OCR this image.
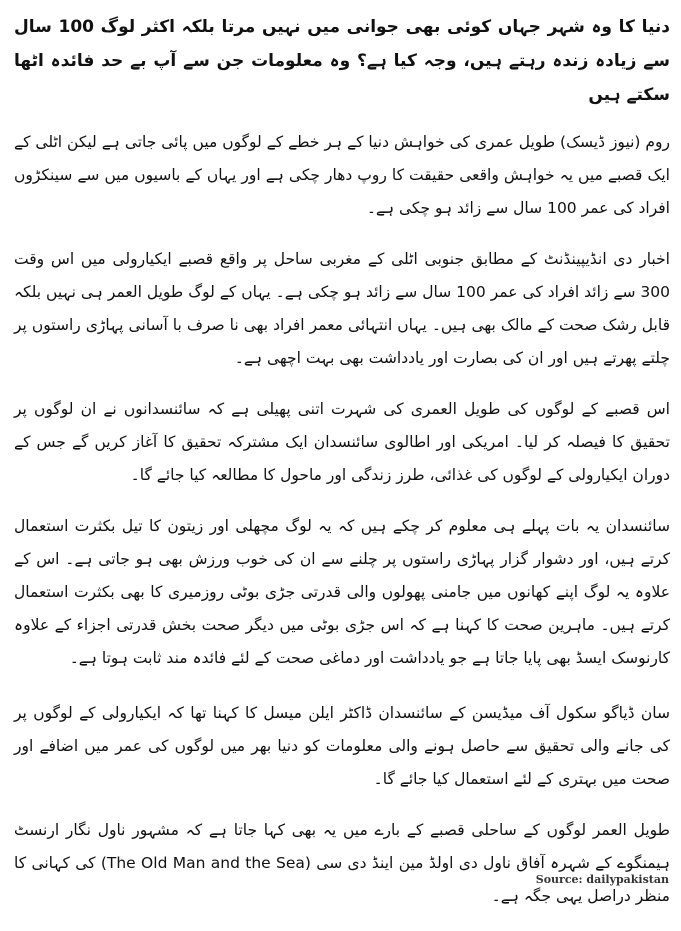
دنیا کا وہ شہر جہاں کوئی بھی جوانی میں نہیں مرتا بلکہ اکثر لوگ 100 سال سے زیادہ زندہ رہتے ہیں، وجہ کیا ہے؟ وہ معلومات جن سے آپ بے حد فائدہ اٹھا سکتے ہیں

روم (نیوز ڈیسک) طویل عمری کی خواہش دنیا کے ہر خطے کے لوگوں میں پائی جاتی ہے لیکن اٹلی کے ایک قصبے میں یہ خواہش واقعی حقیقت کا روپ دھار چکی ہے اور یہاں کے باسیوں میں سے سینکڑوں افراد کی عمر 100 سال سے زائد ہو چکی ہے۔

اخبار دی انڈیپینڈنٹ کے مطابق جنوبی اٹلی کے مغربی ساحل پر واقع قصبے ایکیارولی میں اس وقت 300 سے زائد افراد کی عمر 100 سال سے زائد ہو چکی ہے۔ یہاں کے لوگ طویل العمر ہی نہیں بلکہ قابل رشک صحت کے مالک بھی ہیں۔ یہاں انتہائی معمر افراد بھی نا صرف با آسانی پہاڑی راستوں پر چلتے پھرتے ہیں اور ان کی بصارت اور یادداشت بھی بہت اچھی ہے۔

اس قصبے کے لوگوں کی طویل العمری کی شہرت اتنی پھیلی ہے کہ سائنسدانوں نے ان لوگوں پر تحقیق کا فیصلہ کر لیا۔ امریکی اور اطالوی سائنسدان ایک مشترکہ تحقیق کا آغاز کریں گے جس کے دوران ایکیارولی کے لوگوں کی غذائی، طرز زندگی اور ماحول کا مطالعہ کیا جائے گا۔

سائنسدان یہ بات پہلے ہی معلوم کر چکے ہیں کہ یہ لوگ مچھلی اور زیتون کا تیل بکثرت استعمال کرتے ہیں، اور دشوار گزار پہاڑی راستوں پر چلنے سے ان کی خوب ورزش بھی ہو جاتی ہے۔ اس کے علاوہ یہ لوگ اپنے کھانوں میں جامنی پھولوں والی قدرتی جڑی بوٹی روزمیری کا بھی بکثرت استعمال کرتے ہیں۔ ماہرین صحت کا کہنا ہے کہ اس جڑی بوٹی میں دیگر صحت بخش قدرتی اجزاء کے علاوہ کارنوسک ایسڈ بھی پایا جاتا ہے جو یادداشت اور دماغی صحت کے لئے فائدہ مند ثابت ہوتا ہے۔

سان ڈیاگو سکول آف میڈیسن کے سائنسدان ڈاکٹر ایلن میسل کا کہنا تھا کہ ایکیارولی کے لوگوں پر کی جانے والی تحقیق سے حاصل ہونے والی معلومات کو دنیا بھر میں لوگوں کی عمر میں اضافے اور صحت میں بہتری کے لئے استعمال کیا جائے گا۔

طویل العمر لوگوں کے ساحلی قصبے کے بارے میں یہ بھی کہا جاتا ہے کہ مشہور ناول نگار ارنسٹ ہیمنگوے کے شہرہ آفاق ناول دی اولڈ مین اینڈ دی سی (The Old Man and the Sea) کی کہانی کا منظر دراصل یہی جگہ ہے۔

Source: dailypakistan
